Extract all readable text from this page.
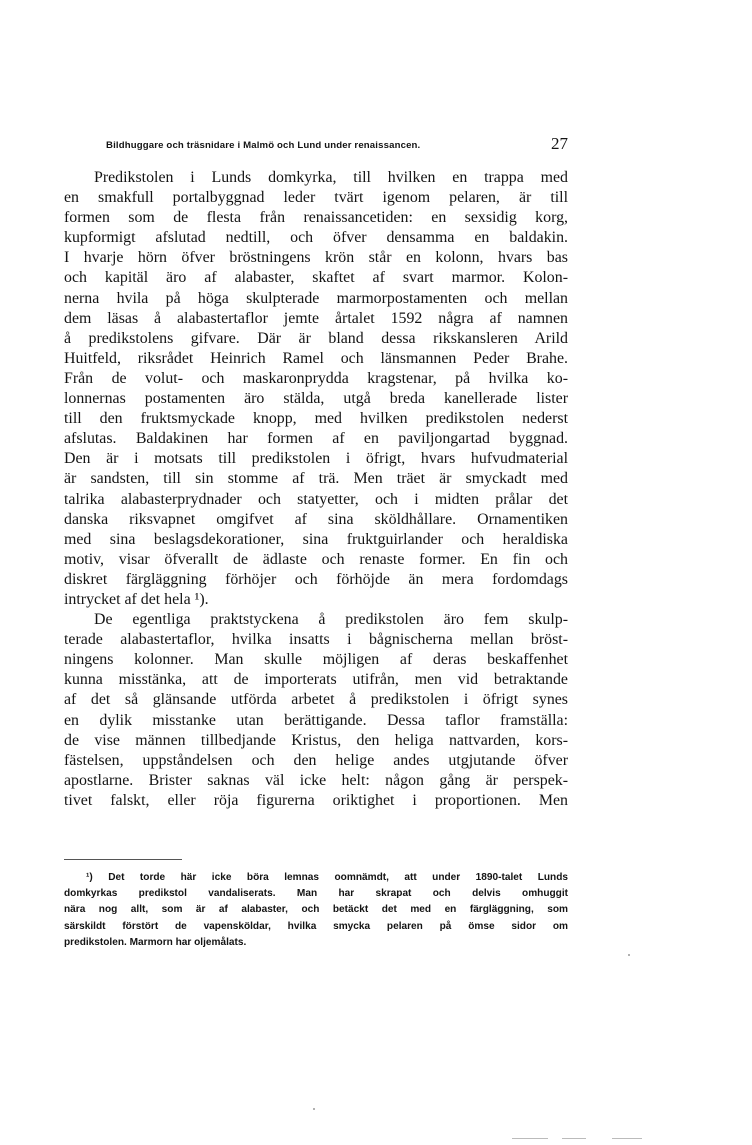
Bildhuggare och träsnidare i Malmö och Lund under renaissancen.	27
Predikstolen i Lunds domkyrka, till hvilken en trappa med
en smakfull portalbyggnad leder tvärt igenom pelaren, är till
formen som de flesta från renaissancetiden: en sexsidig korg,
kupformigt afslutad nedtill, och öfver densamma en baldakin.
I hvarje hörn öfver bröstningens krön står en kolonn, hvars bas
och kapitäl äro af alabaster, skaftet af svart marmor. Kolon-
nerna hvila på höga skulpterade marmorpostamenten och mellan
dem läsas å alabastertaflor jemte årtalet 1592 några af namnen
å predikstolens gifvare. Där är bland dessa rikskansleren Arild
Huitfeld, riksrådet Heinrich Ramel och länsmannen Peder Brahe.
Från de volut- och maskaronprydda kragstenar, på hvilka ko-
lonnernas postamenten äro stälda, utgå breda kanellerade lister
till den fruktsmyckade knopp, med hvilken predikstolen nederst
afslutas. Baldakinen har formen af en paviljongartad byggnad.
Den är i motsats till predikstolen i öfrigt, hvars hufvudmaterial
är sandsten, till sin stomme af trä. Men träet är smyckadt med
talrika alabasterprydnader och statyetter, och i midten prålar det
danska riksvapnet omgifvet af sina sköldhållare. Ornamentiken
med sina beslagsdekorationer, sina fruktguirlander och heraldiska
motiv, visar öfverallt de ädlaste och renaste former. En fin och
diskret färgläggning förhöjer och förhöjde än mera fordomdags
intrycket af det hela ¹).
De egentliga praktstyckena å predikstolen äro fem skulp-
terade alabastertaflor, hvilka insatts i bågnischerna mellan bröst-
ningens kolonner. Man skulle möjligen af deras beskaffenhet
kunna misstänka, att de importerats utifrån, men vid betraktande
af det så glänsande utförda arbetet å predikstolen i öfrigt synes
en dylik misstanke utan berättigande. Dessa taflor framställa:
de vise männen tillbedjande Kristus, den heliga nattvarden, kors-
fästelsen, uppståndelsen och den helige andes utgjutande öfver
apostlarne. Brister saknas väl icke helt: någon gång är perspek-
tivet falskt, eller röja figurerna oriktighet i proportionen. Men
¹) Det torde här icke böra lemnas oomnämdt, att under 1890-talet Lunds
domkyrkas predikstol vandaliserats. Man har skrapat och delvis omhuggit
nära nog allt, som är af alabaster, och betäckt det med en färgläggning, som
särskildt förstört de vapensköldar, hvilka smycka pelaren på ömse sidor om
predikstolen. Marmorn har oljemålats.
